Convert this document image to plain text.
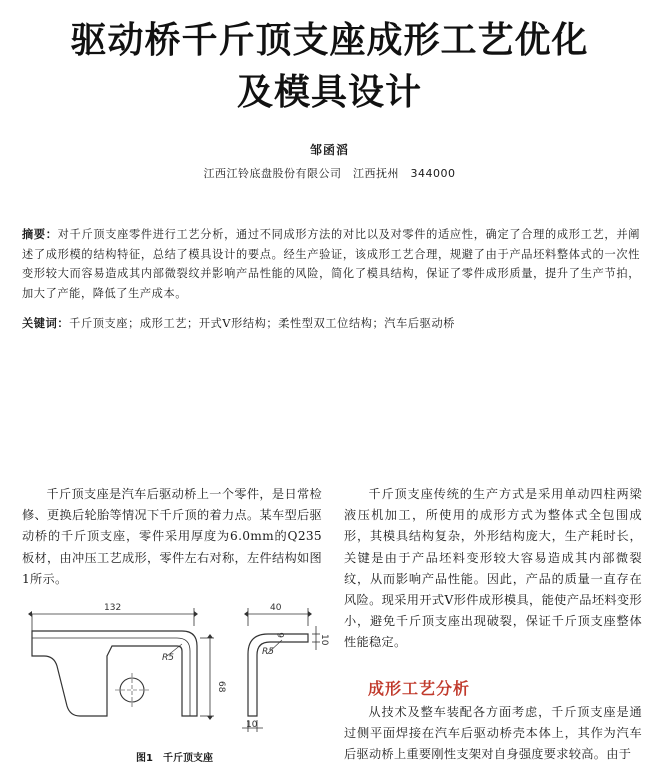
驱动桥千斤顶支座成形工艺优化
及模具设计
邹函滔
江西江铃底盘股份有限公司　江西抚州　344000
摘要：对千斤顶支座零件进行工艺分析，通过不同成形方法的对比以及对零件的适应性，确定了合理的成形工艺，并阐述了成形模的结构特征，总结了模具设计的要点。经生产验证，该成形工艺合理，规避了由于产品坯料整体式的一次性变形较大而容易造成其内部微裂纹并影响产品性能的风险，简化了模具结构，保证了零件成形质量，提升了生产节拍，加大了产能，降低了生产成本。
关键词：千斤顶支座；成形工艺；开式V形结构；柔性型双工位结构；汽车后驱动桥

千斤顶支座是汽车后驱动桥上一个零件，是日常检修、更换后轮胎等情况下千斤顶的着力点。某车型后驱动桥的千斤顶支座，零件采用厚度为6.0mm的Q235板材，由冲压工艺成形，零件左右对称，左件结构如图1所示。

千斤顶支座传统的生产方式是采用单动四柱两梁液压机加工，所使用的成形方式为整体式全包围成形，其模具结构复杂，外形结构庞大，生产耗时长，关键是由于产品坯料变形较大容易造成其内部微裂纹，从而影响产品性能。因此，产品的质量一直存在风险。现采用开式V形件成形模具，能使产品坯料变形小，避免千斤顶支座出现破裂，保证千斤顶支座整体性能稳定。

成形工艺分析

从技术及整车装配各方面考虑，千斤顶支座是通过侧平面焊接在汽车后驱动桥壳本体上，其作为汽车后驱动桥上重要刚性支架对自身强度要求较高。由于

132
R5
68
40
R5
6	10
10
图1　千斤顶支座
